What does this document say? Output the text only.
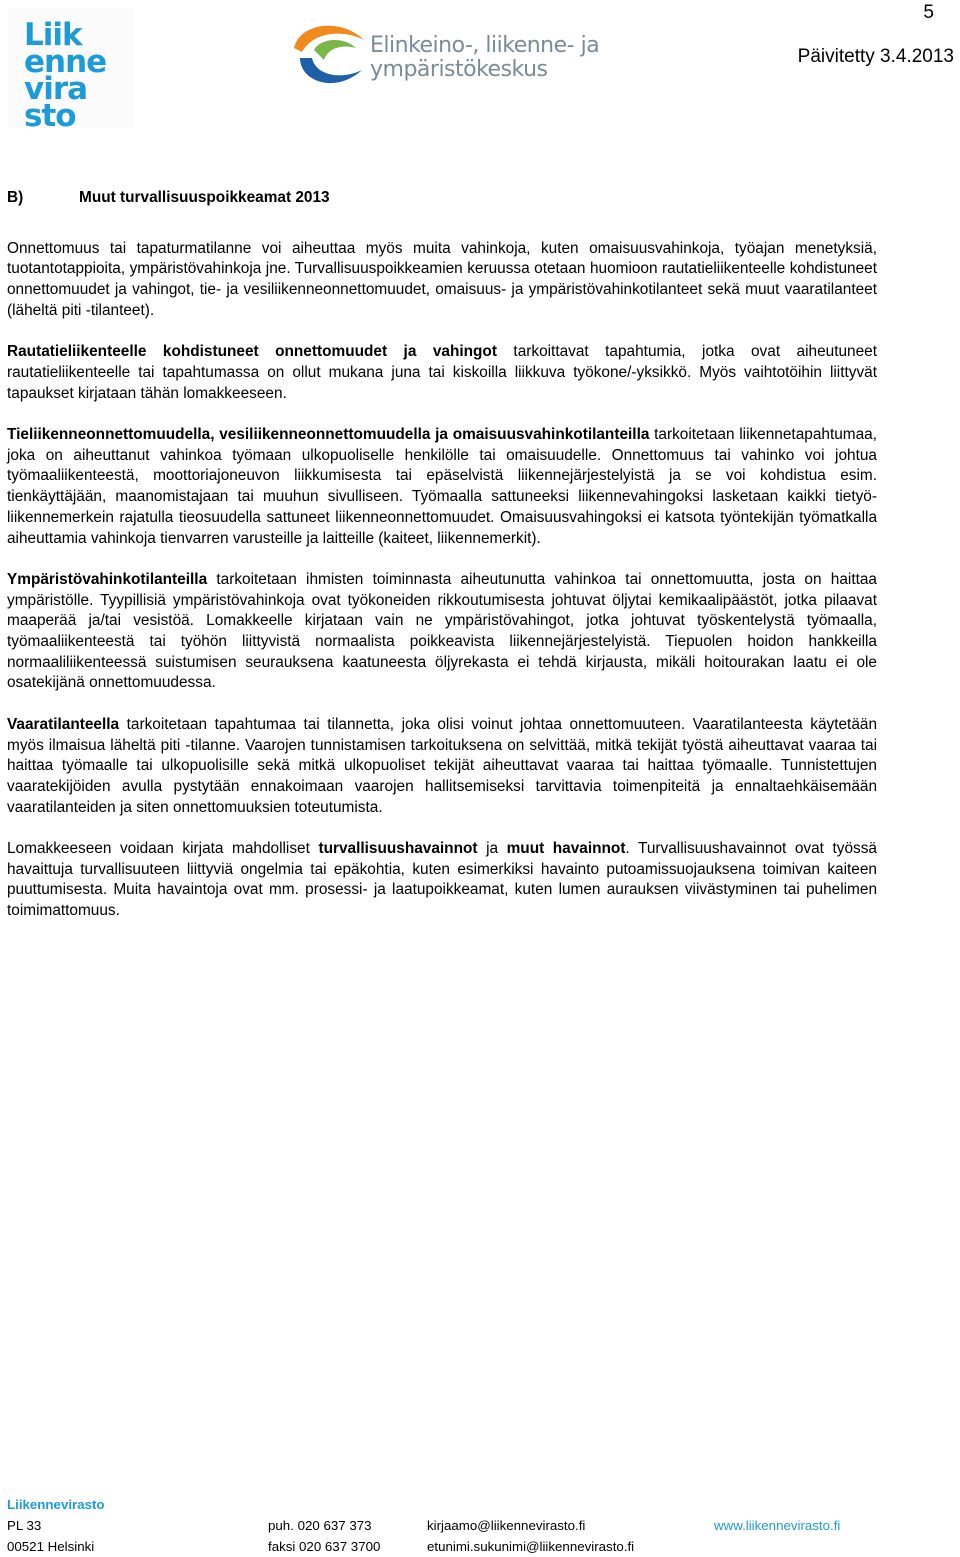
Liik
enne
vira
sto
Elinkeino-, liikenne- ja
ympäristökeskus
5
Päivitetty 3.4.2013
B)	Muut turvallisuuspoikkeamat 2013

Onnettomuus tai tapaturmatilanne voi aiheuttaa myös muita vahinkoja, kuten omaisuusvahinkoja, työajan menetyksiä, tuotantotappioita, ympäristövahinkoja jne. Turvallisuuspoikkeamien keruussa otetaan huomioon rautatieliikenteelle kohdistuneet onnettomuudet ja vahingot, tie- ja vesiliikenneonnettomuudet, omaisuus- ja ympäristövahinkotilanteet sekä muut vaaratilanteet (läheltä piti -tilanteet).

Rautatieliikenteelle kohdistuneet onnettomuudet ja vahingot tarkoittavat tapahtumia, jotka ovat aiheutuneet rautatieliikenteelle tai tapahtumassa on ollut mukana juna tai kiskoilla liikkuva työkone/-yksikkö. Myös vaihtotöihin liittyvät tapaukset kirjataan tähän lomakkeeseen.

Tieliikenneonnettomuudella, vesiliikenneonnettomuudella ja omaisuusvahinkotilanteilla tarkoitetaan liikennetapahtumaa, joka on aiheuttanut vahinkoa työmaan ulkopuoliselle henkilölle tai omaisuudelle. Onnettomuus tai vahinko voi johtua työmaaliikenteestä, moottoriajoneuvon liikkumisesta tai epäselvistä liikennejärjestelyistä ja se voi kohdistua esim. tienkäyttäjään, maanomistajaan tai muuhun sivulliseen. Työmaalla sattuneeksi liikennevahingoksi lasketaan kaikki tietyö-liikennemerkein rajatulla tieosuudella sattuneet liikenneonnettomuudet. Omaisuusvahingoksi ei katsota työntekijän työmatkalla aiheuttamia vahinkoja tienvarren varusteille ja laitteille (kaiteet, liikennemerkit).

Ympäristövahinkotilanteilla tarkoitetaan ihmisten toiminnasta aiheutunutta vahinkoa tai onnettomuutta, josta on haittaa ympäristölle. Tyypillisiä ympäristövahinkoja ovat työkoneiden rikkoutumisesta johtuvat öljytai kemikaalipäästöt, jotka pilaavat maaperää ja/tai vesistöä. Lomakkeelle kirjataan vain ne ympäristövahingot, jotka johtuvat työskentelystä työmaalla, työmaaliikenteestä tai työhön liittyvistä normaalista poikkeavista liikennejärjestelyistä. Tiepuolen hoidon hankkeilla normaaliliikenteessä suistumisen seurauksena kaatuneesta öljyrekasta ei tehdä kirjausta, mikäli hoitourakan laatu ei ole osatekijänä onnettomuudessa.

Vaaratilanteella tarkoitetaan tapahtumaa tai tilannetta, joka olisi voinut johtaa onnettomuuteen. Vaaratilanteesta käytetään myös ilmaisua läheltä piti -tilanne. Vaarojen tunnistamisen tarkoituksena on selvittää, mitkä tekijät työstä aiheuttavat vaaraa tai haittaa työmaalle tai ulkopuolisille sekä mitkä ulkopuoliset tekijät aiheuttavat vaaraa tai haittaa työmaalle. Tunnistettujen vaaratekijöiden avulla pystytään ennakoimaan vaarojen hallitsemiseksi tarvittavia toimenpiteitä ja ennaltaehkäisemään vaaratilanteiden ja siten onnettomuuksien toteutumista.

Lomakkeeseen voidaan kirjata mahdolliset turvallisuushavainnot ja muut havainnot. Turvallisuushavainnot ovat työssä havaittuja turvallisuuteen liittyviä ongelmia tai epäkohtia, kuten esimerkiksi havainto putoamissuojauksena toimivan kaiteen puuttumisesta. Muita havaintoja ovat mm. prosessi- ja laatupoikkeamat, kuten lumen aurauksen viivästyminen tai puhelimen toimimattomuus.

Liikennevirasto
PL 33	puh. 020 637 373	kirjaamo@liikennevirasto.fi	www.liikennevirasto.fi
00521 Helsinki	faksi 020 637 3700	etunimi.sukunimi@liikennevirasto.fi
